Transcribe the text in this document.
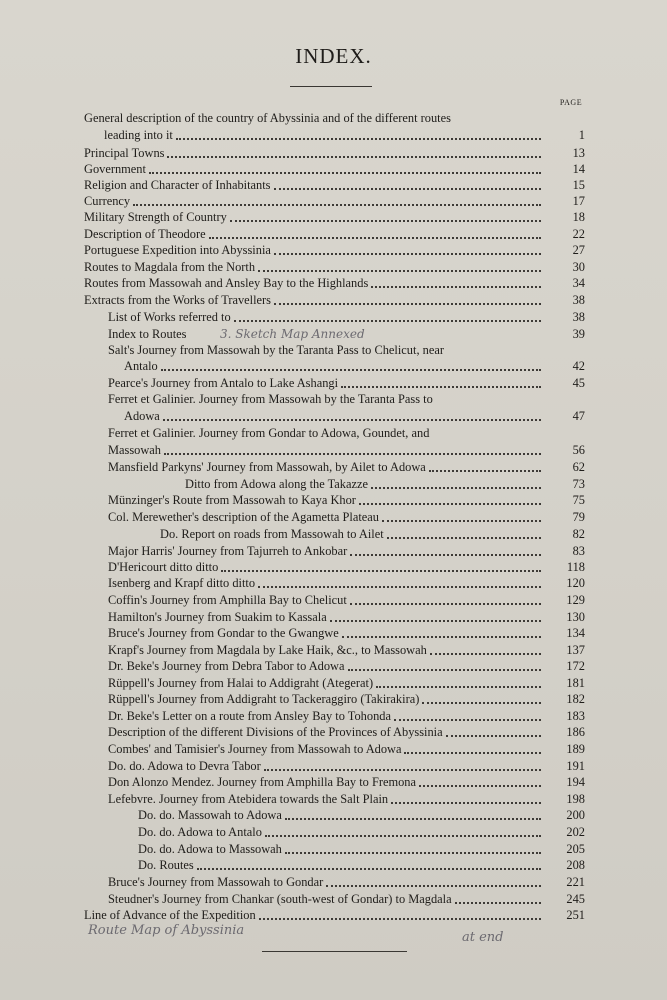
INDEX.
PAGE
General description of the country of Abyssinia and of the different routes
leading into it	1
Principal Towns	13
Government	14
Religion and Character of Inhabitants	15
Currency	17
Military Strength of Country	18
Description of Theodore	22
Portuguese Expedition into Abyssinia	27
Routes to Magdala from the North	30
Routes from Massowah and Ansley Bay to the Highlands	34
Extracts from the Works of Travellers	38
List of Works referred to	38
Index to Routes	39
Salt's Journey from Massowah by the Taranta Pass to Chelicut, near
Antalo	42
Pearce's Journey from Antalo to Lake Ashangi	45
Ferret et Galinier. Journey from Massowah by the Taranta Pass to
Adowa	47
Ferret et Galinier. Journey from Gondar to Adowa, Goundet, and
Massowah	56
Mansfield Parkyns' Journey from Massowah, by Ailet to Adowa	62
Ditto from Adowa along the Takazze	73
Münzinger's Route from Massowah to Kaya Khor	75
Col. Merewether's description of the Agametta Plateau	79
Do. Report on roads from Massowah to Ailet	82
Major Harris' Journey from Tajurreh to Ankobar	83
D'Hericourt ditto ditto	118
Isenberg and Krapf ditto ditto	120
Coffin's Journey from Amphilla Bay to Chelicut	129
Hamilton's Journey from Suakim to Kassala	130
Bruce's Journey from Gondar to the Gwangwe	134
Krapf's Journey from Magdala by Lake Haik, &c., to Massowah	137
Dr. Beke's Journey from Debra Tabor to Adowa	172
Rüppell's Journey from Halai to Addigraht (Ategerat)	181
Rüppell's Journey from Addigraht to Tackeraggiro (Takirakira)	182
Dr. Beke's Letter on a route from Ansley Bay to Tohonda	183
Description of the different Divisions of the Provinces of Abyssinia	186
Combes' and Tamisier's Journey from Massowah to Adowa	189
Do. do. Adowa to Devra Tabor	191
Don Alonzo Mendez. Journey from Amphilla Bay to Fremona	194
Lefebvre. Journey from Atebidera towards the Salt Plain	198
Do. do. Massowah to Adowa	200
Do. do. Adowa to Antalo	202
Do. do. Adowa to Massowah	205
Do. Routes	208
Bruce's Journey from Massowah to Gondar	221
Steudner's Journey from Chankar (south-west of Gondar) to Magdala	245
Line of Advance of the Expedition	251
3. Sketch Map Annexed
Route Map of Abyssinia	at end
